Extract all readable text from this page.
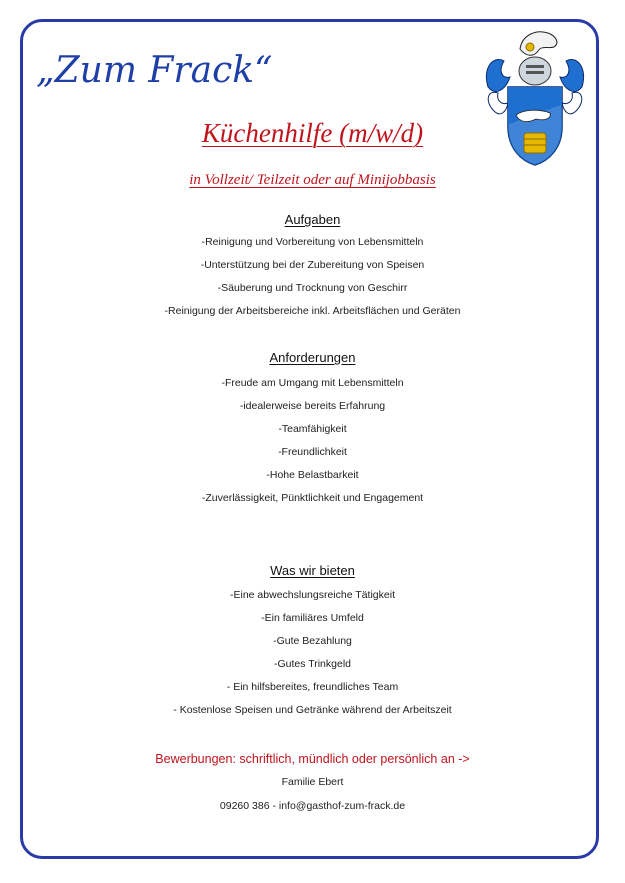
„Zum Frack“
Küchenhilfe (m/w/d)
in Vollzeit/ Teilzeit oder auf Minijobbasis
Aufgaben
-Reinigung und Vorbereitung von Lebensmitteln
-Unterstützung bei der Zubereitung von Speisen
-Säuberung und Trocknung von Geschirr
-Reinigung der Arbeitsbereiche inkl. Arbeitsflächen und Geräten
Anforderungen
-Freude am Umgang mit Lebensmitteln
-idealerweise bereits Erfahrung
-Teamfähigkeit
-Freundlichkeit
-Hohe Belastbarkeit
-Zuverlässigkeit, Pünktlichkeit und Engagement
Was wir bieten
-Eine abwechslungsreiche Tätigkeit
-Ein familiäres Umfeld
-Gute Bezahlung
-Gutes Trinkgeld
- Ein hilfsbereites, freundliches Team
- Kostenlose Speisen und Getränke während der Arbeitszeit
Bewerbungen: schriftlich, mündlich oder persönlich an ->
Familie Ebert
09260 386 - info@gasthof-zum-frack.de
